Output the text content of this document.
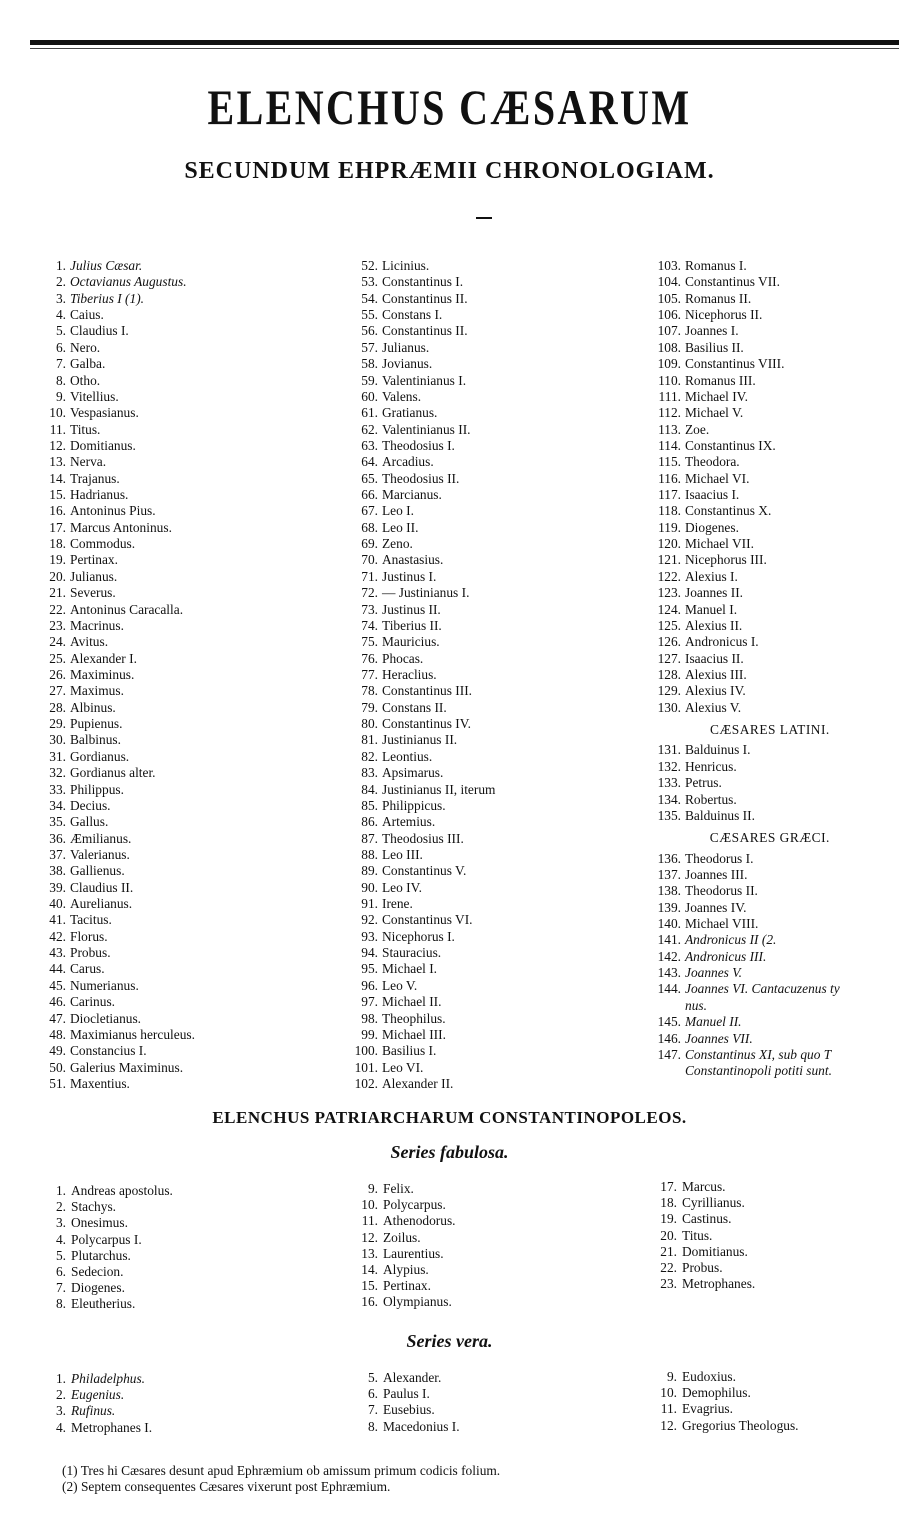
ELENCHUS CÆSARUM
SECUNDUM EHPRÆMII CHRONOLOGIAM.
1. Julius Cæsar.
2. Octavianus Augustus.
3. Tiberius I (1).
4. Caius.
5. Claudius I.
6. Nero.
7. Galba.
8. Otho.
9. Vitellius.
10. Vespasianus.
11. Titus.
12. Domitianus.
13. Nerva.
14. Trajanus.
15. Hadrianus.
16. Antoninus Pius.
17. Marcus Antoninus.
18. Commodus.
19. Pertinax.
20. Julianus.
21. Severus.
22. Antoninus Caracalla.
23. Macrinus.
24. Avitus.
25. Alexander I.
26. Maximinus.
27. Maximus.
28. Albinus.
29. Pupienus.
30. Balbinus.
31. Gordianus.
32. Gordianus alter.
33. Philippus.
34. Decius.
35. Gallus.
36. Æmilianus.
37. Valerianus.
38. Gallienus.
39. Claudius II.
40. Aurelianus.
41. Tacitus.
42. Florus.
43. Probus.
44. Carus.
45. Numerianus.
46. Carinus.
47. Diocletianus.
48. Maximianus herculeus.
49. Constancius I.
50. Galerius Maximinus.
51. Maxentius.
52. Licinius.
53. Constantinus I.
54. Constantinus II.
55. Constans I.
56. Constantinus II.
57. Julianus.
58. Jovianus.
59. Valentinianus I.
60. Valens.
61. Gratianus.
62. Valentinianus II.
63. Theodosius I.
64. Arcadius.
65. Theodosius II.
66. Marcianus.
67. Leo I.
68. Leo II.
69. Zeno.
70. Anastasius.
71. Justinus I.
72. — Justinianus I.
73. Justinus II.
74. Tiberius II.
75. Mauricius.
76. Phocas.
77. Heraclius.
78. Constantinus III.
79. Constans II.
80. Constantinus IV.
81. Justinianus II.
82. Leontius.
83. Apsimarus.
84. Justinianus II, iterum
85. Philippicus.
86. Artemius.
87. Theodosius III.
88. Leo III.
89. Constantinus V.
90. Leo IV.
91. Irene.
92. Constantinus VI.
93. Nicephorus I.
94. Stauracius.
95. Michael I.
96. Leo V.
97. Michael II.
98. Theophilus.
99. Michael III.
100. Basilius I.
101. Leo VI.
102. Alexander II.
103. Romanus I.
104. Constantinus VII.
105. Romanus II.
106. Nicephorus II.
107. Joannes I.
108. Basilius II.
109. Constantinus VIII.
110. Romanus III.
111. Michael IV.
112. Michael V.
113. Zoe.
114. Constantinus IX.
115. Theodora.
116. Michael VI.
117. Isaacius I.
118. Constantinus X.
119. Diogenes.
120. Michael VII.
121. Nicephorus III.
122. Alexius I.
123. Joannes II.
124. Manuel I.
125. Alexius II.
126. Andronicus I.
127. Isaacius II.
128. Alexius III.
129. Alexius IV.
130. Alexius V.
CÆSARES LATINI.
131. Balduinus I.
132. Henricus.
133. Petrus.
134. Robertus.
135. Balduinus II.
CÆSARES GRÆCI.
136. Theodorus I.
137. Joannes III.
138. Theodorus II.
139. Joannes IV.
140. Michael VIII.
141. Andronicus II (2.
142. Andronicus III.
143. Joannes V.
144. Joannes VI. Cantacuzenus ty
nus.
145. Manuel II.
146. Joannes VII.
147. Constantinus XI, sub quo T
Constantinopoli potiti sunt.
ELENCHUS PATRIARCHARUM CONSTANTINOPOLEOS.
Series fabulosa.
1. Andreas apostolus.
2. Stachys.
3. Onesimus.
4. Polycarpus I.
5. Plutarchus.
6. Sedecion.
7. Diogenes.
8. Eleutherius.
9. Felix.
10. Polycarpus.
11. Athenodorus.
12. Zoilus.
13. Laurentius.
14. Alypius.
15. Pertinax.
16. Olympianus.
17. Marcus.
18. Cyrillianus.
19. Castinus.
20. Titus.
21. Domitianus.
22. Probus.
23. Metrophanes.
Series vera.
1. Philadelphus.
2. Eugenius.
3. Rufinus.
4. Metrophanes I.
5. Alexander.
6. Paulus I.
7. Eusebius.
8. Macedonius I.
9. Eudoxius.
10. Demophilus.
11. Evagrius.
12. Gregorius Theologus.
(1) Tres hi Cæsares desunt apud Ephræmium ob amissum primum codicis folium.
(2) Septem consequentes Cæsares vixerunt post Ephræmium.
